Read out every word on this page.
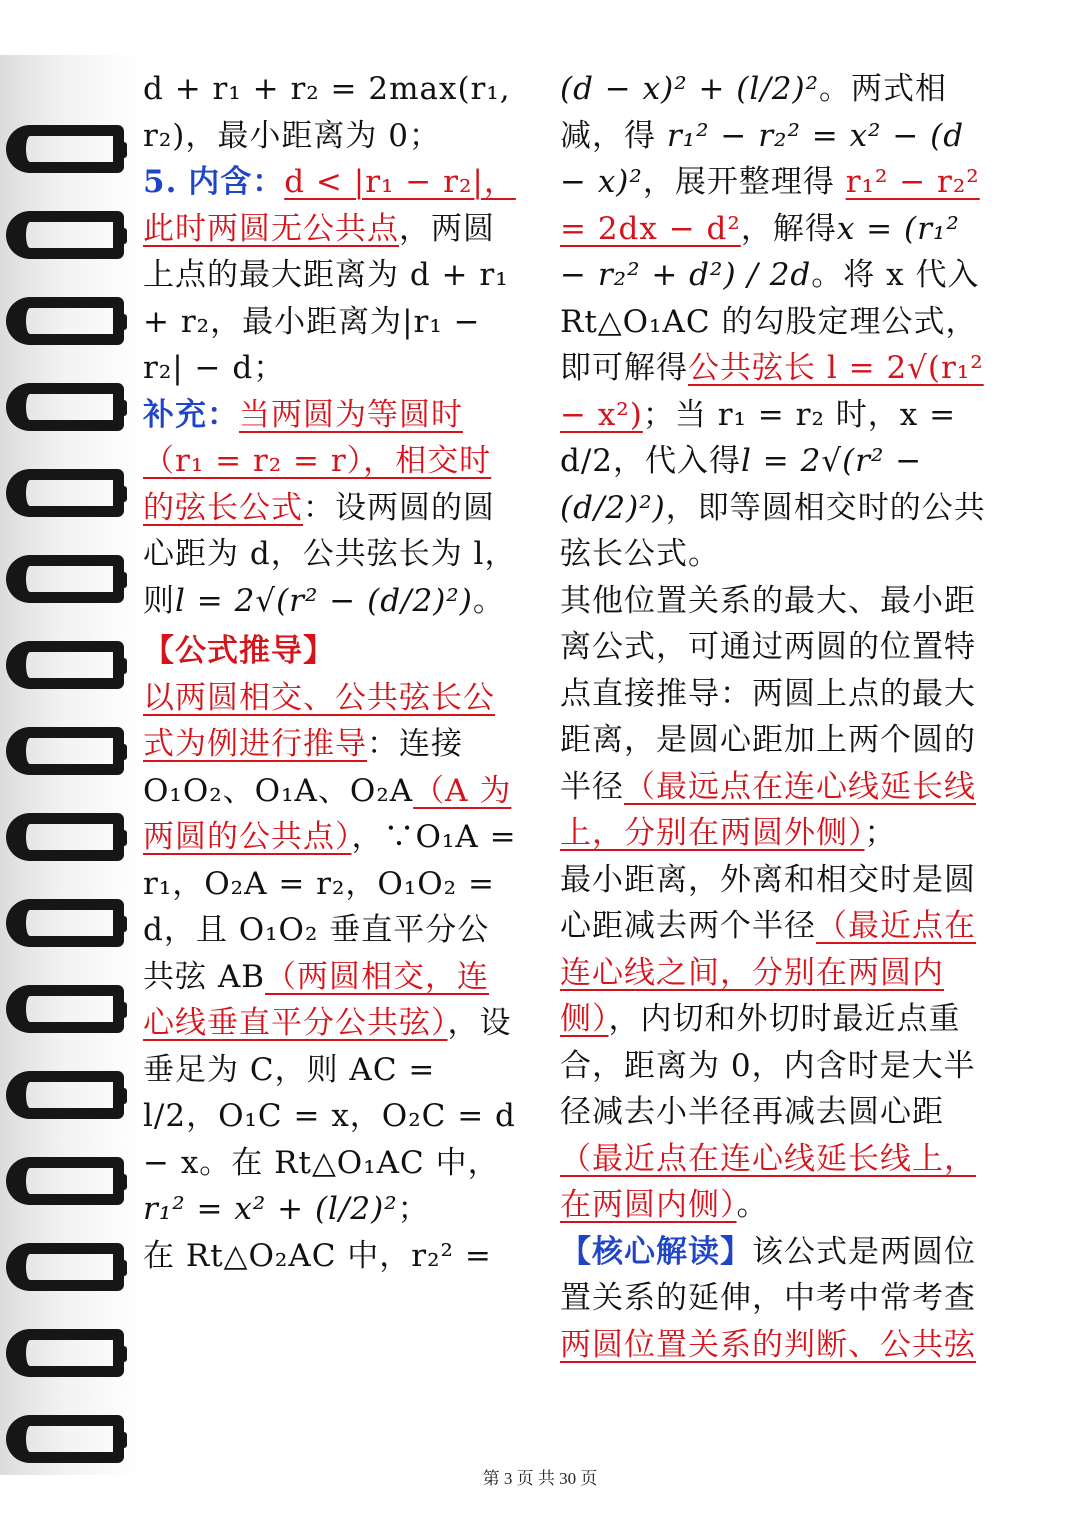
d + r₁ + r₂ = 2max(r₁, r₂)，最小距离为 0；

5. 内含：d < |r₁ − r₂|，此时两圆无公共点，两圆上点的最大距离为 d + r₁ + r₂，最小距离为|r₁ − r₂| − d；

补充：当两圆为等圆时（r₁ = r₂ = r），相交时的弦长公式：设两圆的圆心距为 d，公共弦长为 l，则l = 2√(r² − (d/2)²)。

【公式推导】

以两圆相交、公共弦长公式为例进行推导：连接 O₁O₂、O₁A、O₂A（A 为两圆的公共点），∵O₁A = r₁，O₂A = r₂，O₁O₂ = d，且 O₁O₂ 垂直平分公共弦 AB（两圆相交，连心线垂直平分公共弦），设垂足为 C，则 AC = l/2，O₁C = x，O₂C = d − x。在 Rt△O₁AC 中，r₁² = x² + (l/2)²；

在 Rt△O₂AC 中，r₂² =

(d − x)² + (l/2)²。两式相减，得 r₁² − r₂² = x² − (d − x)²，展开整理得 r₁² − r₂² = 2dx − d²，解得x = (r₁² − r₂² + d²) / 2d。将 x 代入 Rt△O₁AC 的勾股定理公式，即可解得公共弦长 l = 2√(r₁² − x²)；当 r₁ = r₂ 时，x = d/2，代入得l = 2√(r² − (d/2)²)，即等圆相交时的公共弦长公式。

其他位置关系的最大、最小距离公式，可通过两圆的位置特点直接推导：两圆上点的最大距离，是圆心距加上两个圆的半径（最远点在连心线延长线上，分别在两圆外侧）；

最小距离，外离和相交时是圆心距减去两个半径（最近点在连心线之间，分别在两圆内侧），内切和外切时最近点重合，距离为 0，内含时是大半径减去小半径再减去圆心距（最近点在连心线延长线上，在两圆内侧）。

【核心解读】该公式是两圆位置关系的延伸，中考中常考查两圆位置关系的判断、公共弦

第 3 页 共 30 页
